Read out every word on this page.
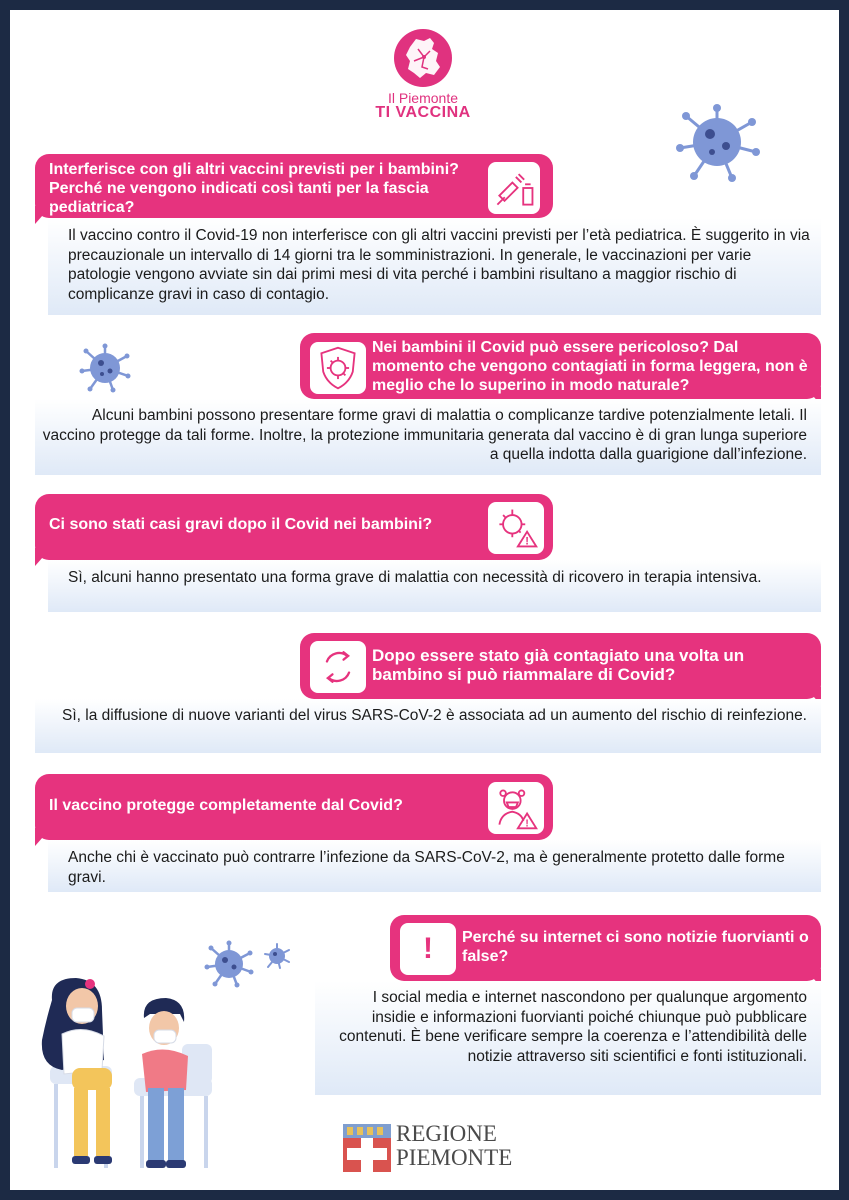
Il Piemonte
TI VACCINA
Interferisce con gli altri vaccini previsti per i bambini? Perché ne vengono indicati così tanti per la fascia pediatrica?
Il vaccino contro il Covid-19 non interferisce con gli altri vaccini previsti per l’età pediatrica. È suggerito in via precauzionale un intervallo di 14 giorni tra le somministrazioni. In generale, le vaccinazioni per varie patologie vengono avviate sin dai primi mesi di vita perché i bambini risultano a maggior rischio di complicanze gravi in caso di contagio.
Nei bambini il Covid può essere pericoloso? Dal momento che vengono contagiati in forma leggera, non è meglio che lo superino in modo naturale?
Alcuni bambini possono presentare forme gravi di malattia o complicanze tardive potenzialmente letali. Il vaccino protegge da tali forme. Inoltre, la protezione immunitaria generata dal vaccino è di gran lunga superiore a quella indotta dalla guarigione dall’infezione.
Ci sono stati casi gravi dopo il Covid nei bambini?
!
Sì, alcuni hanno presentato una forma grave di malattia con necessità di ricovero in terapia intensiva.
Dopo essere stato già contagiato una volta un bambino si può riammalare di Covid?
Sì, la diffusione di nuove varianti del virus SARS-CoV-2 è associata ad un aumento del rischio di reinfezione.
Il vaccino protegge completamente dal Covid?
!
Anche chi è vaccinato può contrarre l’infezione da SARS-CoV-2, ma è generalmente protetto dalle forme gravi.
Perché su internet ci sono notizie fuorvianti o false?
!
I social media e internet nascondono per qualunque argomento insidie e informazioni fuorvianti poiché chiunque può pubblicare contenuti. È bene verificare sempre la coerenza e l’attendibilità delle notizie attraverso siti scientifici e fonti istituzionali.
REGIONE
PIEMONTE
